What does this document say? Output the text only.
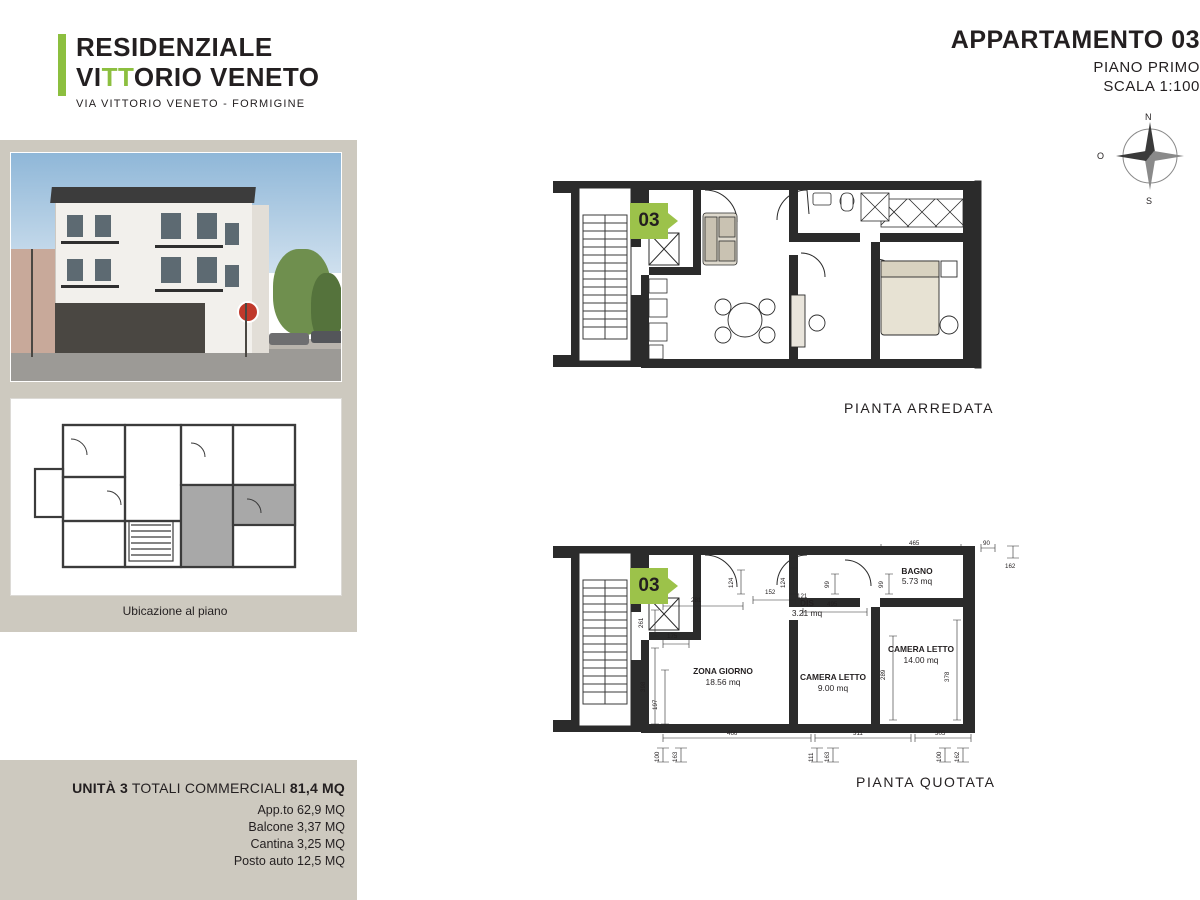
RESIDENZIALE
VITTORIO VENETO
VIA VITTORIO VENETO - FORMIGINE
Ubicazione al piano
UNITÀ 3 TOTALI COMMERCIALI 81,4 MQ
App.to 62,9 MQ
Balcone 3,37 MQ
Cantina 3,25 MQ
Posto auto 12,5 MQ
APPARTAMENTO 03
PIANO PRIMO
SCALA 1:100
O
N
S
03
PIANTA ARREDATA
465	90
162
261
398
197
124	124	99	99
289	378
281
175
152
495
466	311	305
100 163	111 163	100 162
BAGNO
5.73 mq
DIS
3.21 mq
121
ZONA GIORNO
18.56 mq	CAMERA LETTO
9.00 mq
CAMERA LETTO
14.00 mq
03
PIANTA QUOTATA
